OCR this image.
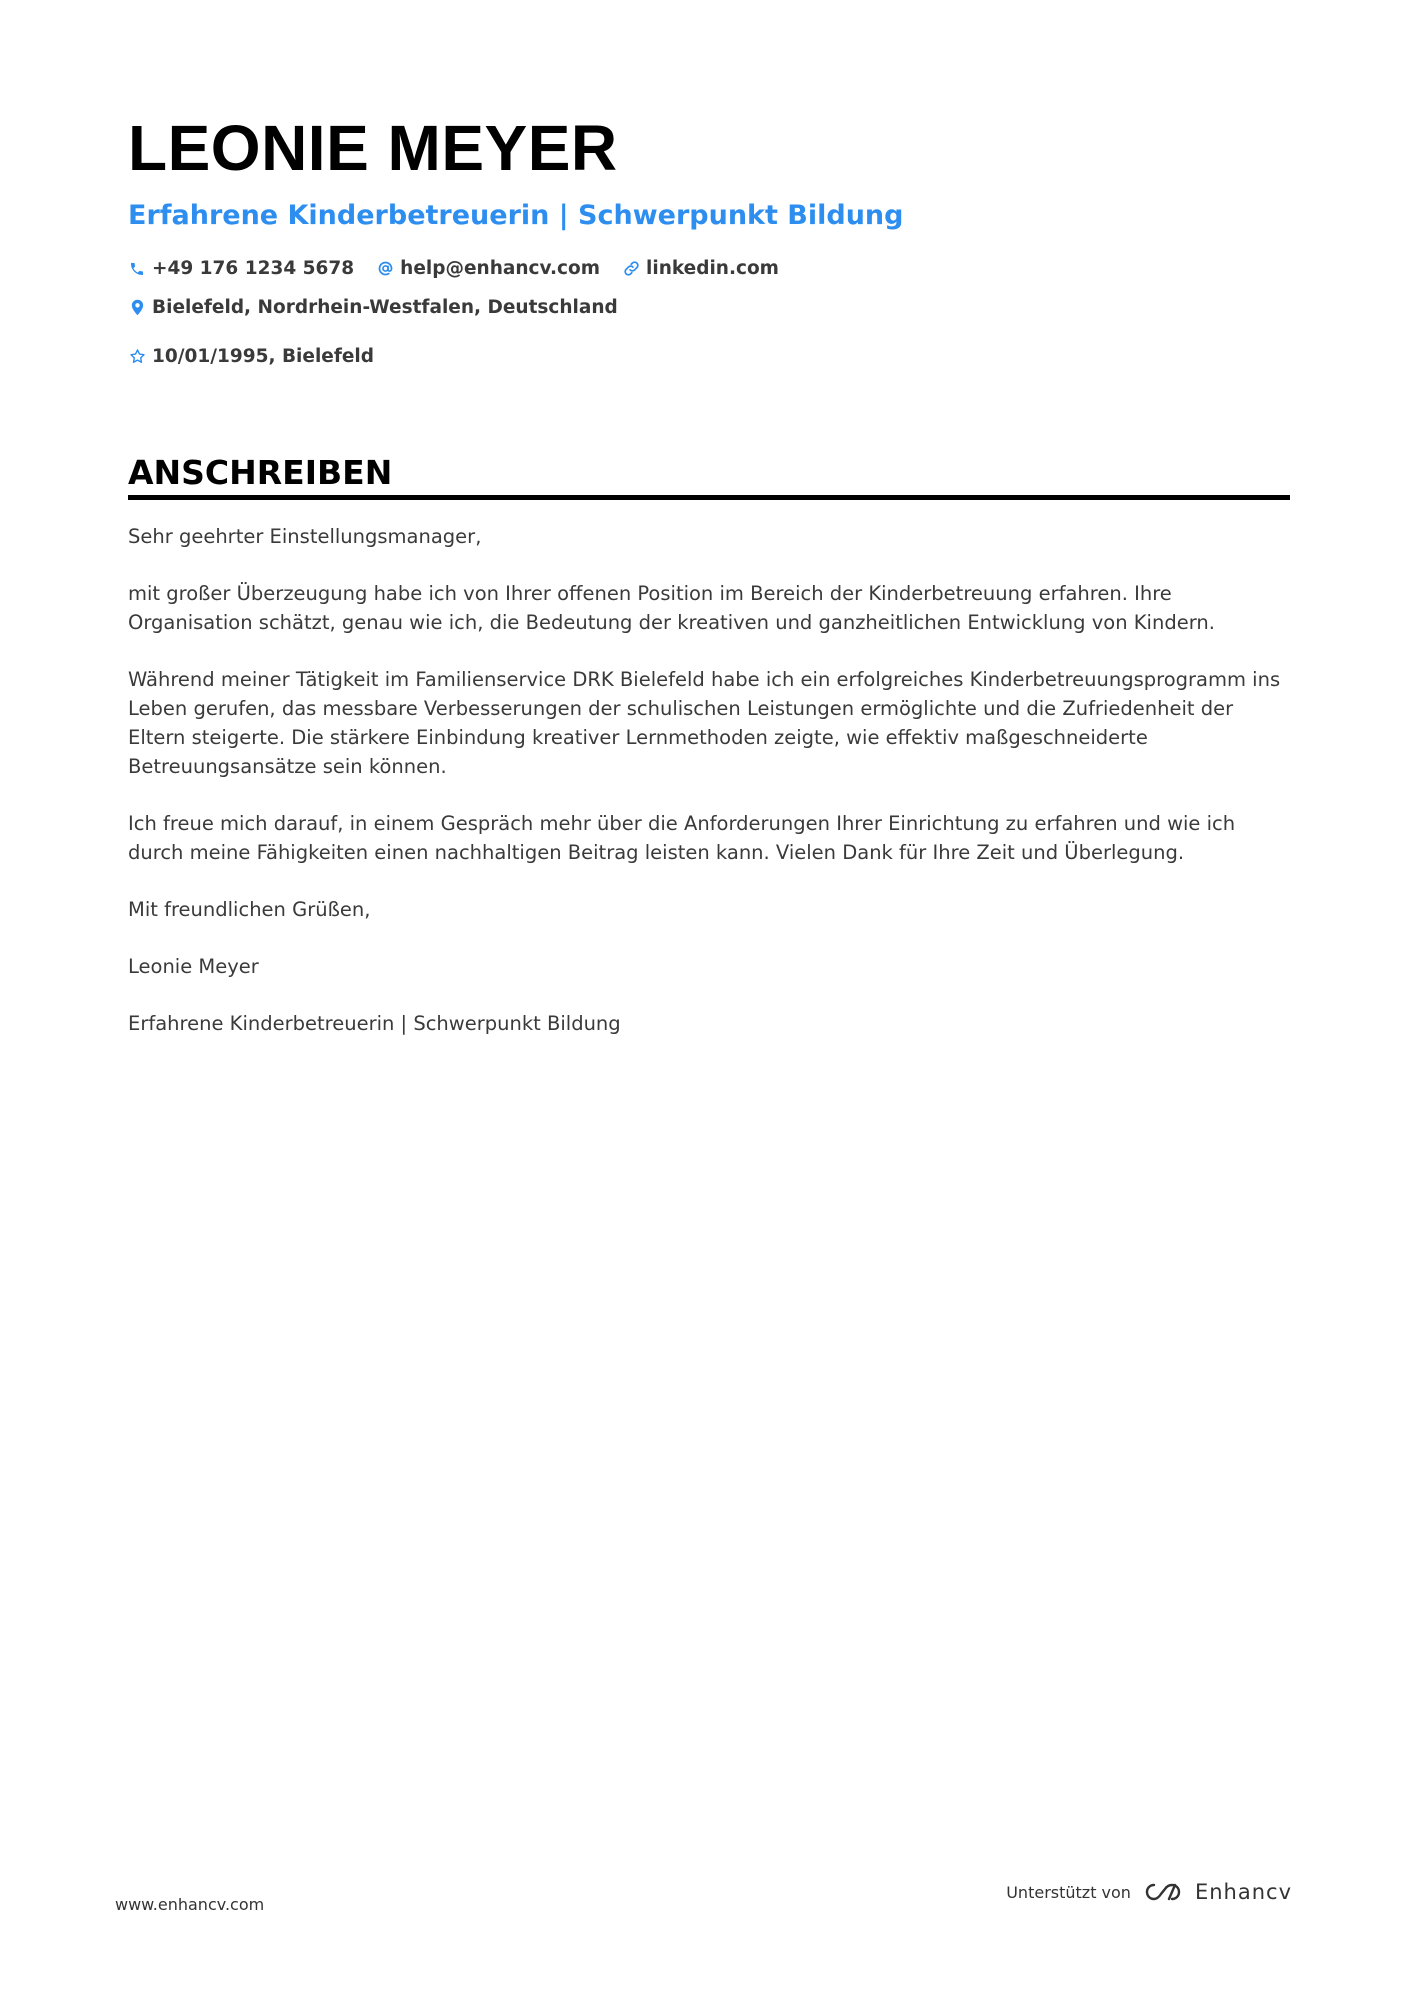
LEONIE MEYER
Erfahrene Kinderbetreuerin | Schwerpunkt Bildung
+49 176 1234 5678 help@enhancv.com linkedin.com
Bielefeld, Nordrhein-Westfalen, Deutschland
10/01/1995, Bielefeld
ANSCHREIBEN

Sehr geehrter Einstellungsmanager,

mit großer Überzeugung habe ich von Ihrer offenen Position im Bereich der Kinderbetreuung erfahren. Ihre Organisation schätzt, genau wie ich, die Bedeutung der kreativen und ganzheitlichen Entwicklung von Kindern.

Während meiner Tätigkeit im Familienservice DRK Bielefeld habe ich ein erfolgreiches Kinderbetreuungsprogramm ins Leben gerufen, das messbare Verbesserungen der schulischen Leistungen ermöglichte und die Zufriedenheit der Eltern steigerte. Die stärkere Einbindung kreativer Lernmethoden zeigte, wie effektiv maßgeschneiderte Betreuungsansätze sein können.

Ich freue mich darauf, in einem Gespräch mehr über die Anforderungen Ihrer Einrichtung zu erfahren und wie ich durch meine Fähigkeiten einen nachhaltigen Beitrag leisten kann. Vielen Dank für Ihre Zeit und Überlegung.

Mit freundlichen Grüßen,

Leonie Meyer

Erfahrene Kinderbetreuerin | Schwerpunkt Bildung

www.enhancv.com
Unterstützt von	Enhancv
